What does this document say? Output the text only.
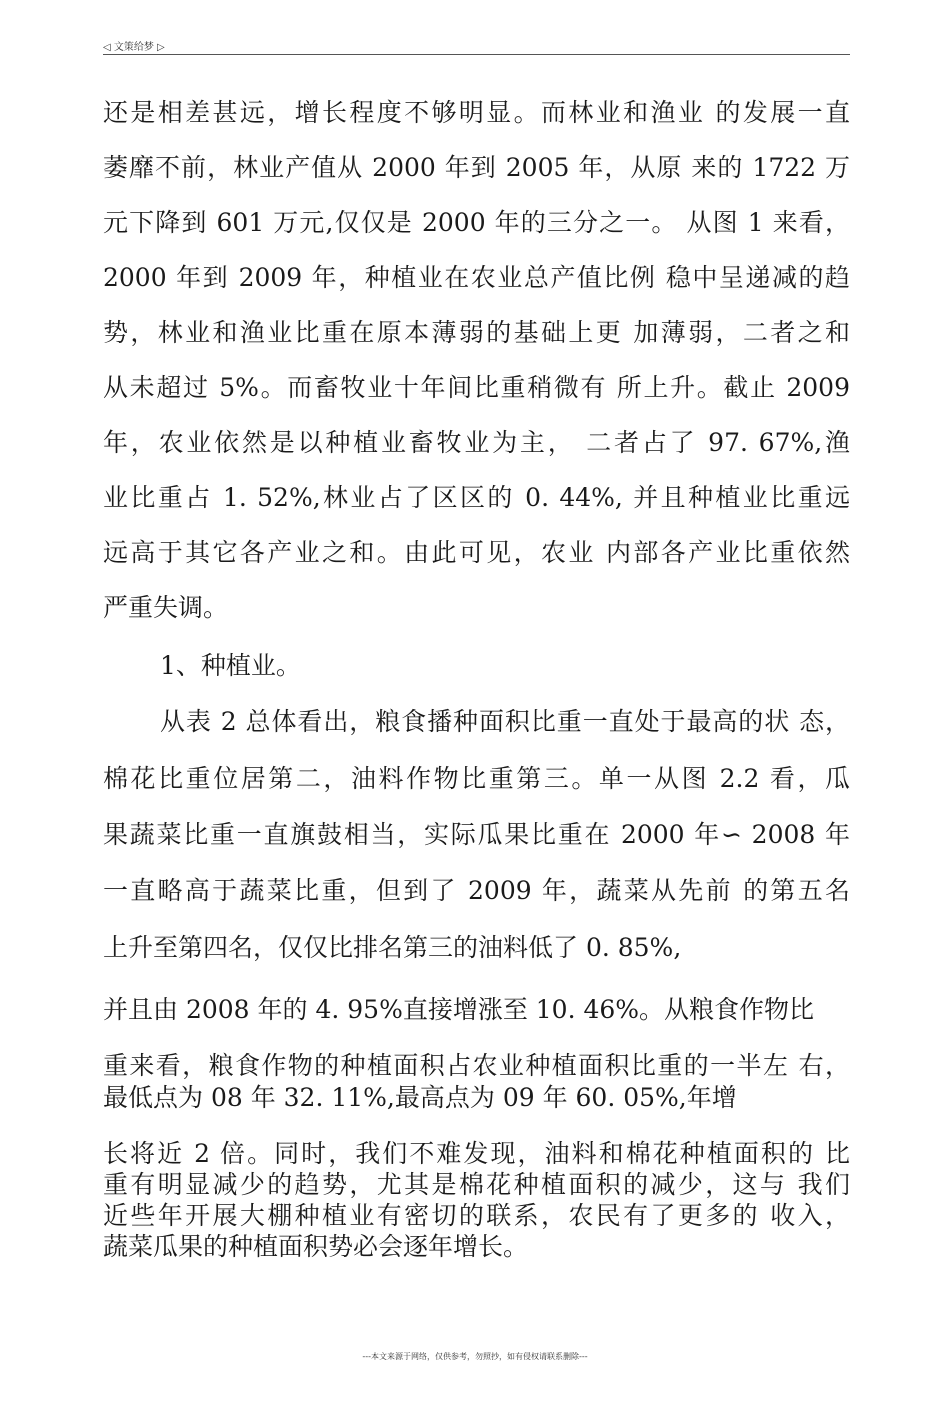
◁ 文策给梦 ▷
还是相差甚远，增长程度不够明显。而林业和渔业 的发展一直
萎靡不前，林业产值从 2000 年到 2005 年，从原 来的 1722 万
元下降到 601 万元,仅仅是 2000 年的三分之一。 从图 1 来看，
2000 年到 2009 年，种植业在农业总产值比例 稳中呈递减的趋
势，林业和渔业比重在原本薄弱的基础上更 加薄弱，二者之和
从未超过 5%。而畜牧业十年间比重稍微有 所上升。截止 2009
年，农业依然是以种植业畜牧业为主， 二者占了 97. 67%,渔
业比重占 1. 52%,林业占了区区的 0. 44%, 并且种植业比重远
远高于其它各产业之和。由此可见，农业 内部各产业比重依然
严重失调。
1、种植业。
从表 2 总体看出，粮食播种面积比重一直处于最高的状 态，
棉花比重位居第二，油料作物比重第三。单一从图 2.2 看，瓜
果蔬菜比重一直旗鼓相当，实际瓜果比重在 2000 年∽ 2008 年
一直略高于蔬菜比重，但到了 2009 年，蔬菜从先前 的第五名
上升至第四名，仅仅比排名第三的油料低了 0. 85%,
并且由 2008 年的 4. 95%直接增涨至 10. 46%。从粮食作物比
重来看，粮食作物的种植面积占农业种植面积比重的一半左 右，
最低点为 08 年 32. 11%,最高点为 09 年 60. 05%,年增
长将近 2 倍。同时，我们不难发现，油料和棉花种植面积的 比
重有明显减少的趋势，尤其是棉花种植面积的减少，这与 我们
近些年开展大棚种植业有密切的联系，农民有了更多的 收入，
蔬菜瓜果的种植面积势必会逐年增长。
---本文来源于网络，仅供参考，勿照抄，如有侵权请联系删除---
